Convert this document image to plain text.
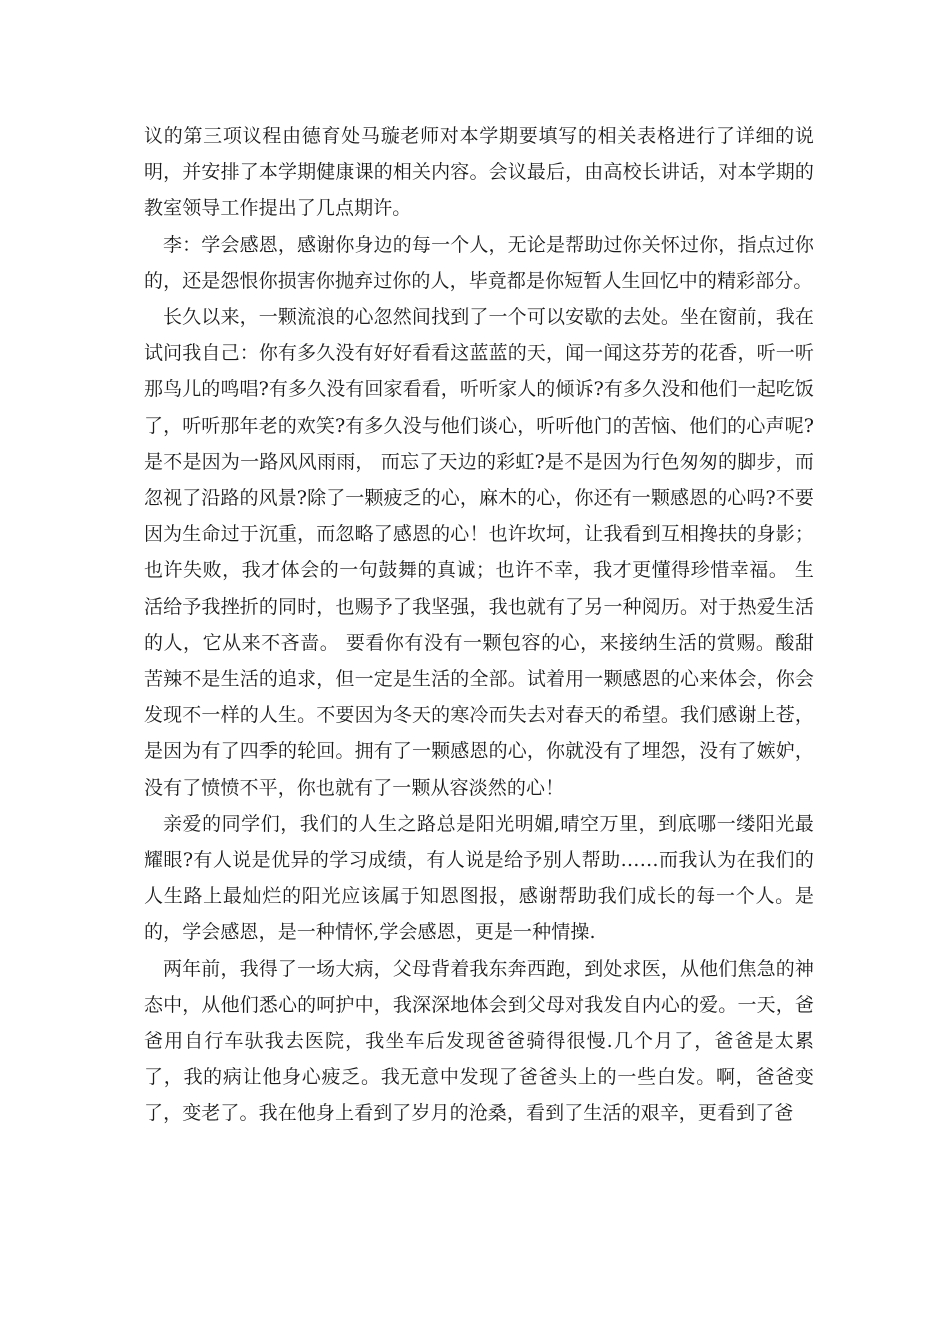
议的第三项议程由德育处马璇老师对本学期要填写的相关表格进行了详细的说明，并安排了本学期健康课的相关内容。会议最后，由高校长讲话，对本学期的教室领导工作提出了几点期许。

李：学会感恩，感谢你身边的每一个人，无论是帮助过你关怀过你，指点过你的，还是怨恨你损害你抛弃过你的人，毕竟都是你短暂人生回忆中的精彩部分。

长久以来，一颗流浪的心忽然间找到了一个可以安歇的去处。坐在窗前，我在试问我自己：你有多久没有好好看看这蓝蓝的天，闻一闻这芬芳的花香，听一听那鸟儿的鸣唱?有多久没有回家看看，听听家人的倾诉?有多久没和他们一起吃饭了，听听那年老的欢笑?有多久没与他们谈心，听听他门的苦恼、他们的心声呢?是不是因为一路风风雨雨， 而忘了天边的彩虹?是不是因为行色匆匆的脚步，而忽视了沿路的风景?除了一颗疲乏的心，麻木的心，你还有一颗感恩的心吗?不要因为生命过于沉重，而忽略了感恩的心！也许坎坷，让我看到互相搀扶的身影；也许失败，我才体会的一句鼓舞的真诚；也许不幸，我才更懂得珍惜幸福。 生活给予我挫折的同时，也赐予了我坚强，我也就有了另一种阅历。对于热爱生活的人，它从来不吝啬。 要看你有没有一颗包容的心，来接纳生活的赏赐。酸甜苦辣不是生活的追求，但一定是生活的全部。试着用一颗感恩的心来体会，你会发现不一样的人生。不要因为冬天的寒冷而失去对春天的希望。我们感谢上苍，是因为有了四季的轮回。拥有了一颗感恩的心，你就没有了埋怨，没有了嫉妒，没有了愤愤不平，你也就有了一颗从容淡然的心！

亲爱的同学们，我们的人生之路总是阳光明媚,晴空万里，到底哪一缕阳光最耀眼?有人说是优异的学习成绩，有人说是给予别人帮助……而我认为在我们的人生路上最灿烂的阳光应该属于知恩图报，感谢帮助我们成长的每一个人。是的，学会感恩，是一种情怀,学会感恩，更是一种情操.

两年前，我得了一场大病，父母背着我东奔西跑，到处求医，从他们焦急的神态中，从他们悉心的呵护中，我深深地体会到父母对我发自内心的爱。一天，爸爸用自行车驮我去医院，我坐车后发现爸爸骑得很慢.几个月了，爸爸是太累了，我的病让他身心疲乏。我无意中发现了爸爸头上的一些白发。啊，爸爸变了，变老了。我在他身上看到了岁月的沧桑，看到了生活的艰辛，更看到了爸
